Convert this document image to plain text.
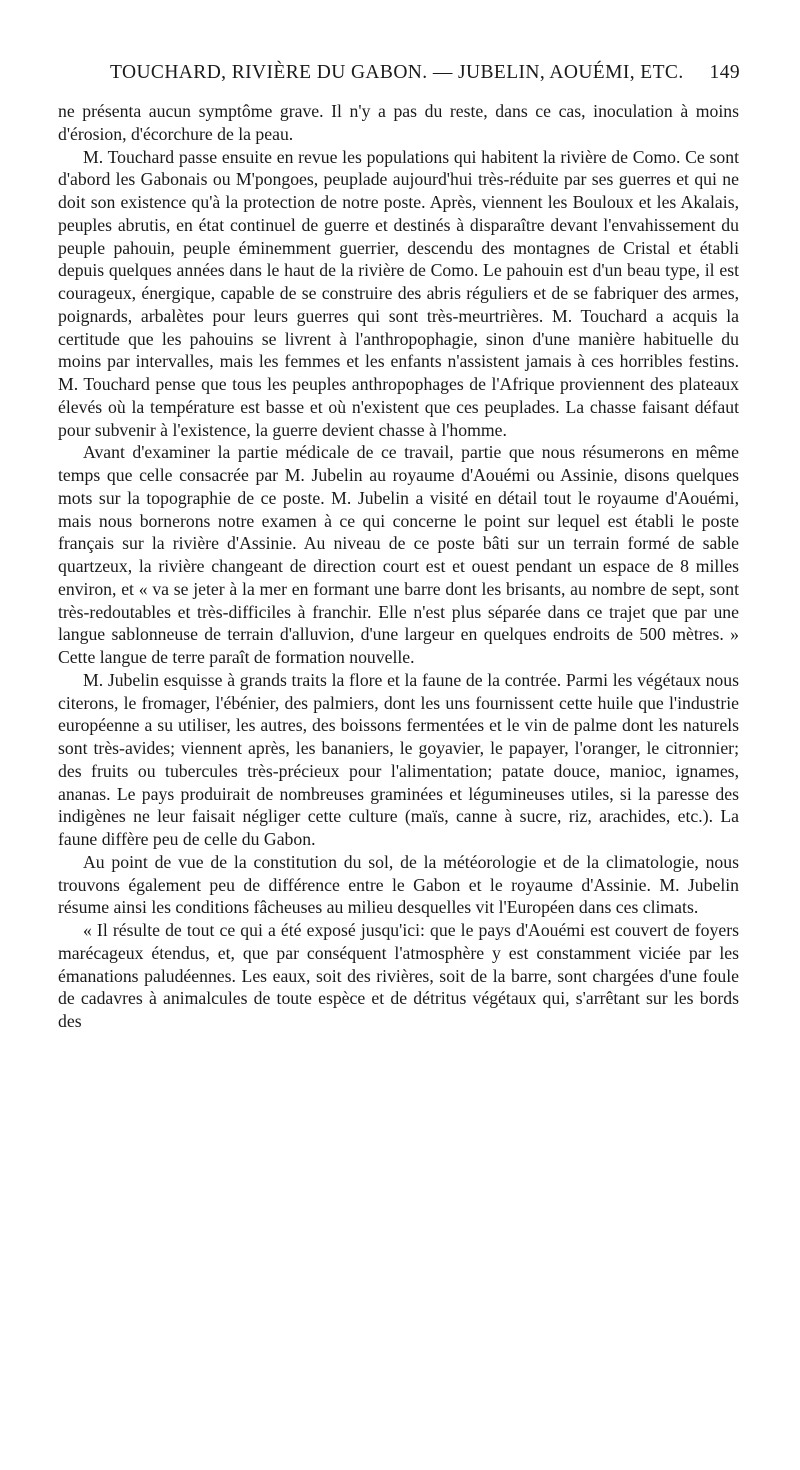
TOUCHARD, RIVIÈRE DU GABON. — JUBELIN, AOUÉMI, ETC. 149

ne présenta aucun symptôme grave. Il n'y a pas du reste, dans ce cas, inoculation à moins d'érosion, d'écorchure de la peau.

M. Touchard passe ensuite en revue les populations qui habitent la rivière de Como. Ce sont d'abord les Gabonais ou M'pongoes, peuplade aujourd'hui très-réduite par ses guerres et qui ne doit son existence qu'à la protection de notre poste. Après, viennent les Bouloux et les Akalais, peuples abrutis, en état continuel de guerre et destinés à disparaître devant l'envahissement du peuple pahouin, peuple éminemment guerrier, descendu des montagnes de Cristal et établi depuis quelques années dans le haut de la rivière de Como. Le pahouin est d'un beau type, il est courageux, énergique, capable de se construire des abris réguliers et de se fabriquer des armes, poignards, arbalètes pour leurs guerres qui sont très-meurtrières. M. Touchard a acquis la certitude que les pahouins se livrent à l'anthropophagie, sinon d'une manière habituelle du moins par intervalles, mais les femmes et les enfants n'assistent jamais à ces horribles festins. M. Touchard pense que tous les peuples anthropophages de l'Afrique proviennent des plateaux élevés où la température est basse et où n'existent que ces peuplades. La chasse faisant défaut pour subvenir à l'existence, la guerre devient chasse à l'homme.

Avant d'examiner la partie médicale de ce travail, partie que nous résumerons en même temps que celle consacrée par M. Jubelin au royaume d'Aouémi ou Assinie, disons quelques mots sur la topographie de ce poste. M. Jubelin a visité en détail tout le royaume d'Aouémi, mais nous bornerons notre examen à ce qui concerne le point sur lequel est établi le poste français sur la rivière d'Assinie. Au niveau de ce poste bâti sur un terrain formé de sable quartzeux, la rivière changeant de direction court est et ouest pendant un espace de 8 milles environ, et « va se jeter à la mer en formant une barre dont les brisants, au nombre de sept, sont très-redoutables et très-difficiles à franchir. Elle n'est plus séparée dans ce trajet que par une langue sablonneuse de terrain d'alluvion, d'une largeur en quelques endroits de 500 mètres. » Cette langue de terre paraît de formation nouvelle.

M. Jubelin esquisse à grands traits la flore et la faune de la contrée. Parmi les végétaux nous citerons, le fromager, l'ébénier, des palmiers, dont les uns fournissent cette huile que l'industrie européenne a su utiliser, les autres, des boissons fermentées et le vin de palme dont les naturels sont très-avides; viennent après, les bananiers, le goyavier, le papayer, l'oranger, le citronnier; des fruits ou tubercules très-précieux pour l'alimentation; patate douce, manioc, ignames, ananas. Le pays produirait de nombreuses graminées et légumineuses utiles, si la paresse des indigènes ne leur faisait négliger cette culture (maïs, canne à sucre, riz, arachides, etc.). La faune diffère peu de celle du Gabon.

Au point de vue de la constitution du sol, de la météorologie et de la climatologie, nous trouvons également peu de différence entre le Gabon et le royaume d'Assinie. M. Jubelin résume ainsi les conditions fâcheuses au milieu desquelles vit l'Européen dans ces climats.

« Il résulte de tout ce qui a été exposé jusqu'ici: que le pays d'Aouémi est couvert de foyers marécageux étendus, et, que par conséquent l'atmosphère y est constamment viciée par les émanations paludéennes. Les eaux, soit des rivières, soit de la barre, sont chargées d'une foule de cadavres à animalcules de toute espèce et de détritus végétaux qui, s'arrêtant sur les bords des
